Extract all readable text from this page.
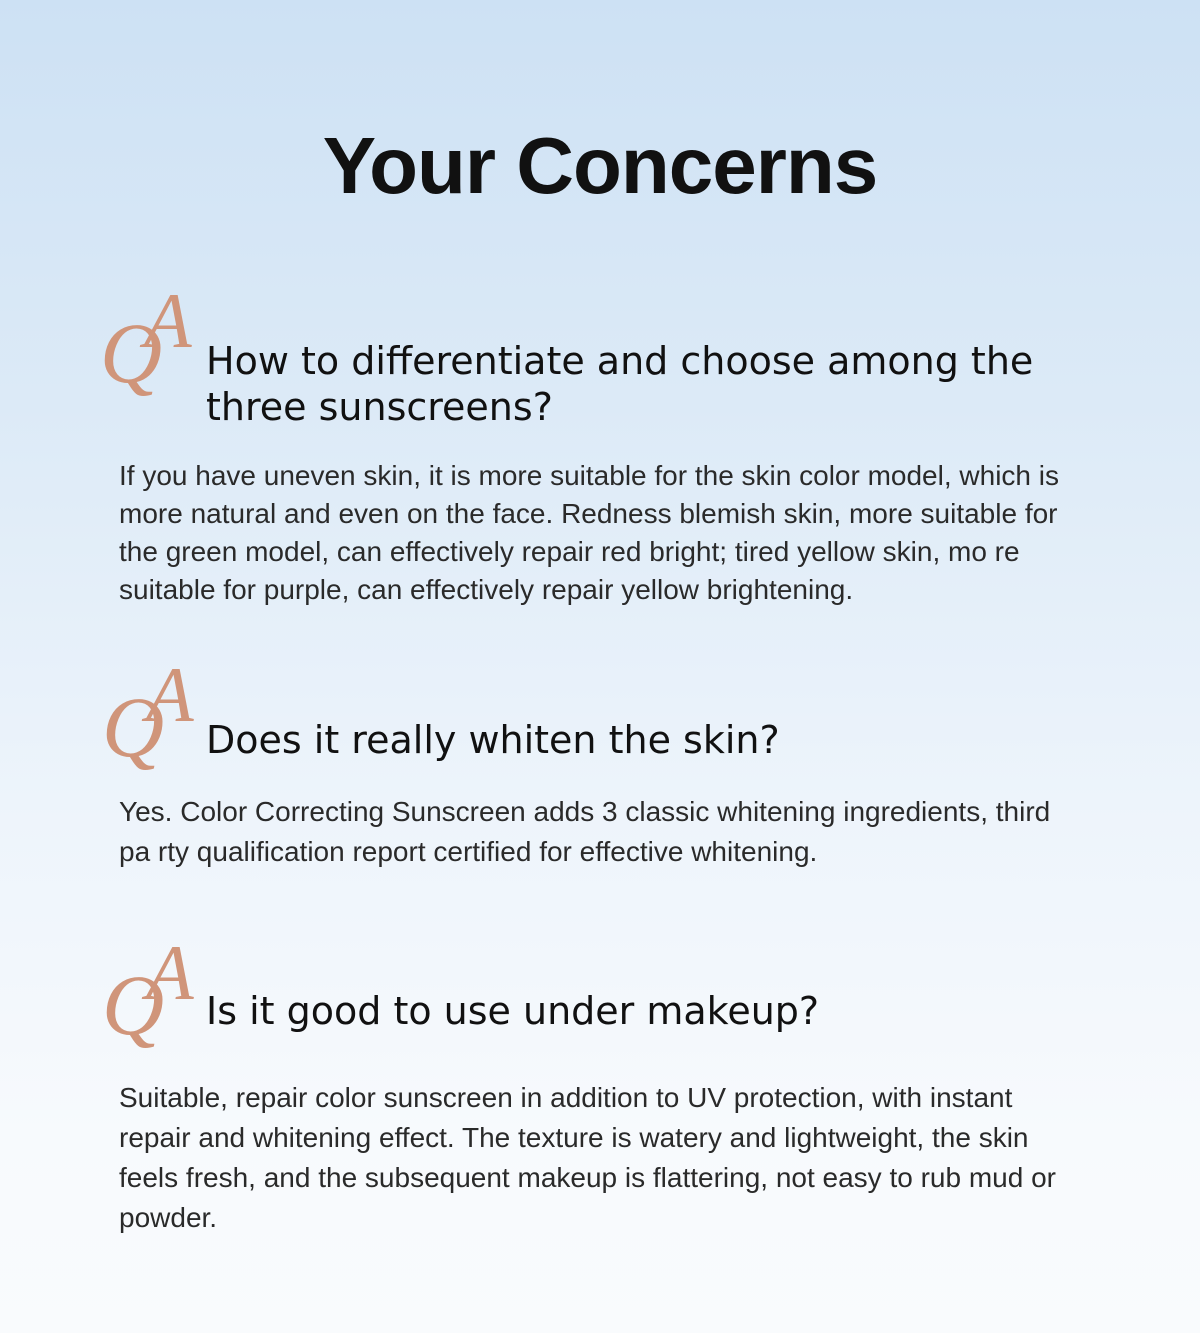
Your Concerns
Q
A How to differentiate and choose among the three sunscreens?

If you have uneven skin, it is more suitable for the skin color model, which is more natural and even on the face. Redness blemish skin, more suitable for the green model, can effectively repair red bright; tired yellow skin, mo re suitable for purple, can effectively repair yellow brightening.

Q
A

Does it really whiten the skin?

Yes. Color Correcting Sunscreen adds 3 classic whitening ingredients, third pa rty qualification report certified for effective whitening.

Q
A Is it good to use under makeup?

Suitable, repair color sunscreen in addition to UV protection, with instant repair and whitening effect. The texture is watery and lightweight, the skin feels fresh, and the subsequent makeup is flattering, not easy to rub mud or powder.
